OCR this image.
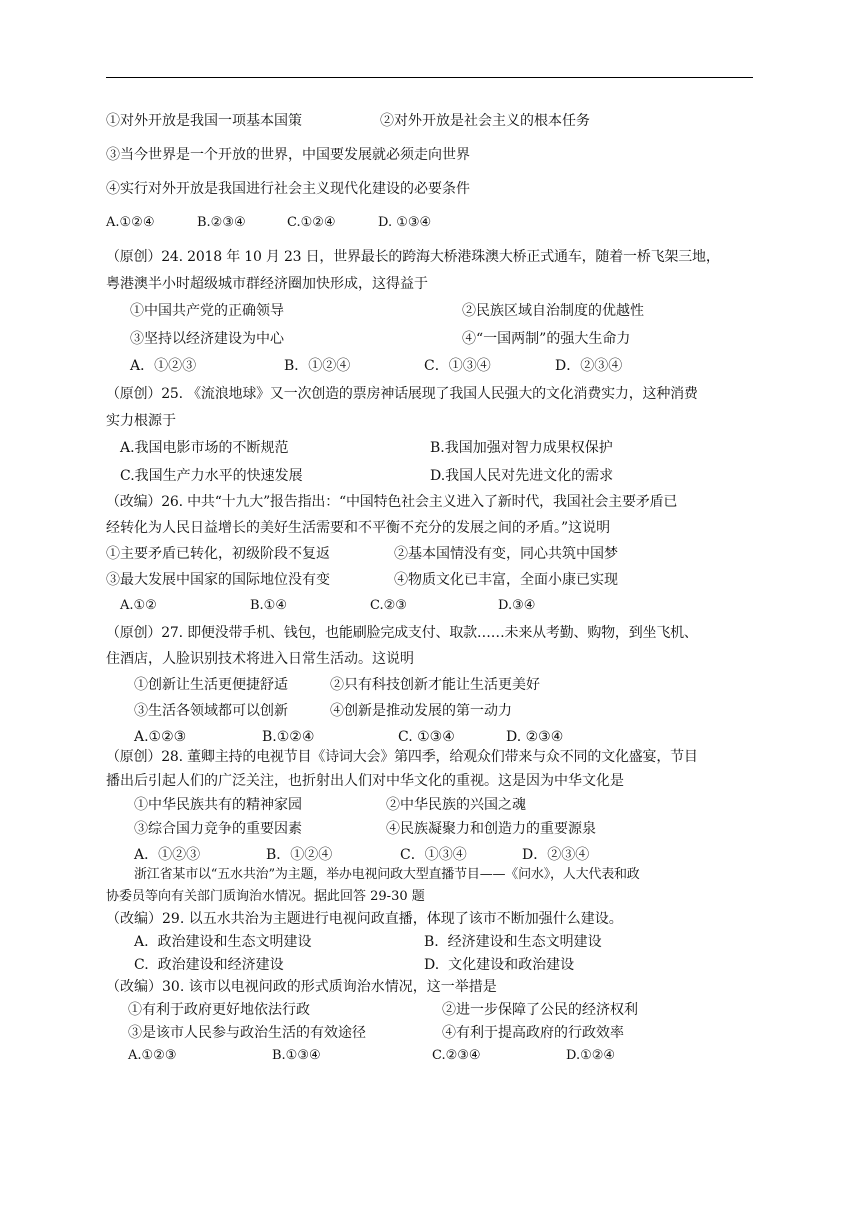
①对外开放是我国一项基本国策	②对外开放是社会主义的根本任务
③当今世界是一个开放的世界，中国要发展就必须走向世界
④实行对外开放是我国进行社会主义现代化建设的必要条件
A.①②④	B.②③④	C.①②④	D. ①③④
（原创）24. 2018 年 10 月 23 日，世界最长的跨海大桥港珠澳大桥正式通车，随着一桥飞架三地，
粤港澳半小时超级城市群经济圈加快形成，这得益于
①中国共产党的正确领导	②民族区域自治制度的优越性
③坚持以经济建设为中心	④“一国两制”的强大生命力
A．①②③	B．①②④	C．①③④	D．②③④
（原创）25. 《流浪地球》又一次创造的票房神话展现了我国人民强大的文化消费实力，这种消费
实力根源于
A.我国电影市场的不断规范	B.我国加强对智力成果权保护
C.我国生产力水平的快速发展	D.我国人民对先进文化的需求
（改编）26. 中共“十九大”报告指出：“中国特色社会主义进入了新时代，我国社会主要矛盾已
经转化为人民日益增长的美好生活需要和不平衡不充分的发展之间的矛盾。”这说明
①主要矛盾已转化，初级阶段不复返	②基本国情没有变，同心共筑中国梦
③最大发展中国家的国际地位没有变	④物质文化已丰富，全面小康已实现
A.①②	B.①④	C.②③	D.③④
（原创）27. 即便没带手机、钱包，也能刷脸完成支付、取款……未来从考勤、购物，到坐飞机、
住酒店，人脸识别技术将进入日常生活动。这说明
①创新让生活更便捷舒适	②只有科技创新才能让生活更美好
③生活各领域都可以创新	④创新是推动发展的第一动力
A.①②③	B.①②④	C. ①③④	D. ②③④
（原创）28. 董卿主持的电视节目《诗词大会》第四季，给观众们带来与众不同的文化盛宴，节目
播出后引起人们的广泛关注，也折射出人们对中华文化的重视。这是因为中华文化是
①中华民族共有的精神家园	②中华民族的兴国之魂
③综合国力竞争的重要因素	④民族凝聚力和创造力的重要源泉
A．①②③	B．①②④	C．①③④	D．②③④
浙江省某市以“五水共治”为主题，举办电视问政大型直播节目——《问水》，人大代表和政
协委员等向有关部门质询治水情况。据此回答 29-30 题
（改编）29. 以五水共治为主题进行电视问政直播，体现了该市不断加强什么建设。
A.  政治建设和生态文明建设	B.  经济建设和生态文明建设
C.  政治建设和经济建设	D.  文化建设和政治建设
（改编）30. 该市以电视问政的形式质询治水情况，这一举措是
①有利于政府更好地依法行政	②进一步保障了公民的经济权利
③是该市人民参与政治生活的有效途径	④有利于提高政府的行政效率
A.①②③	B.①③④	C.②③④	D.①②④
